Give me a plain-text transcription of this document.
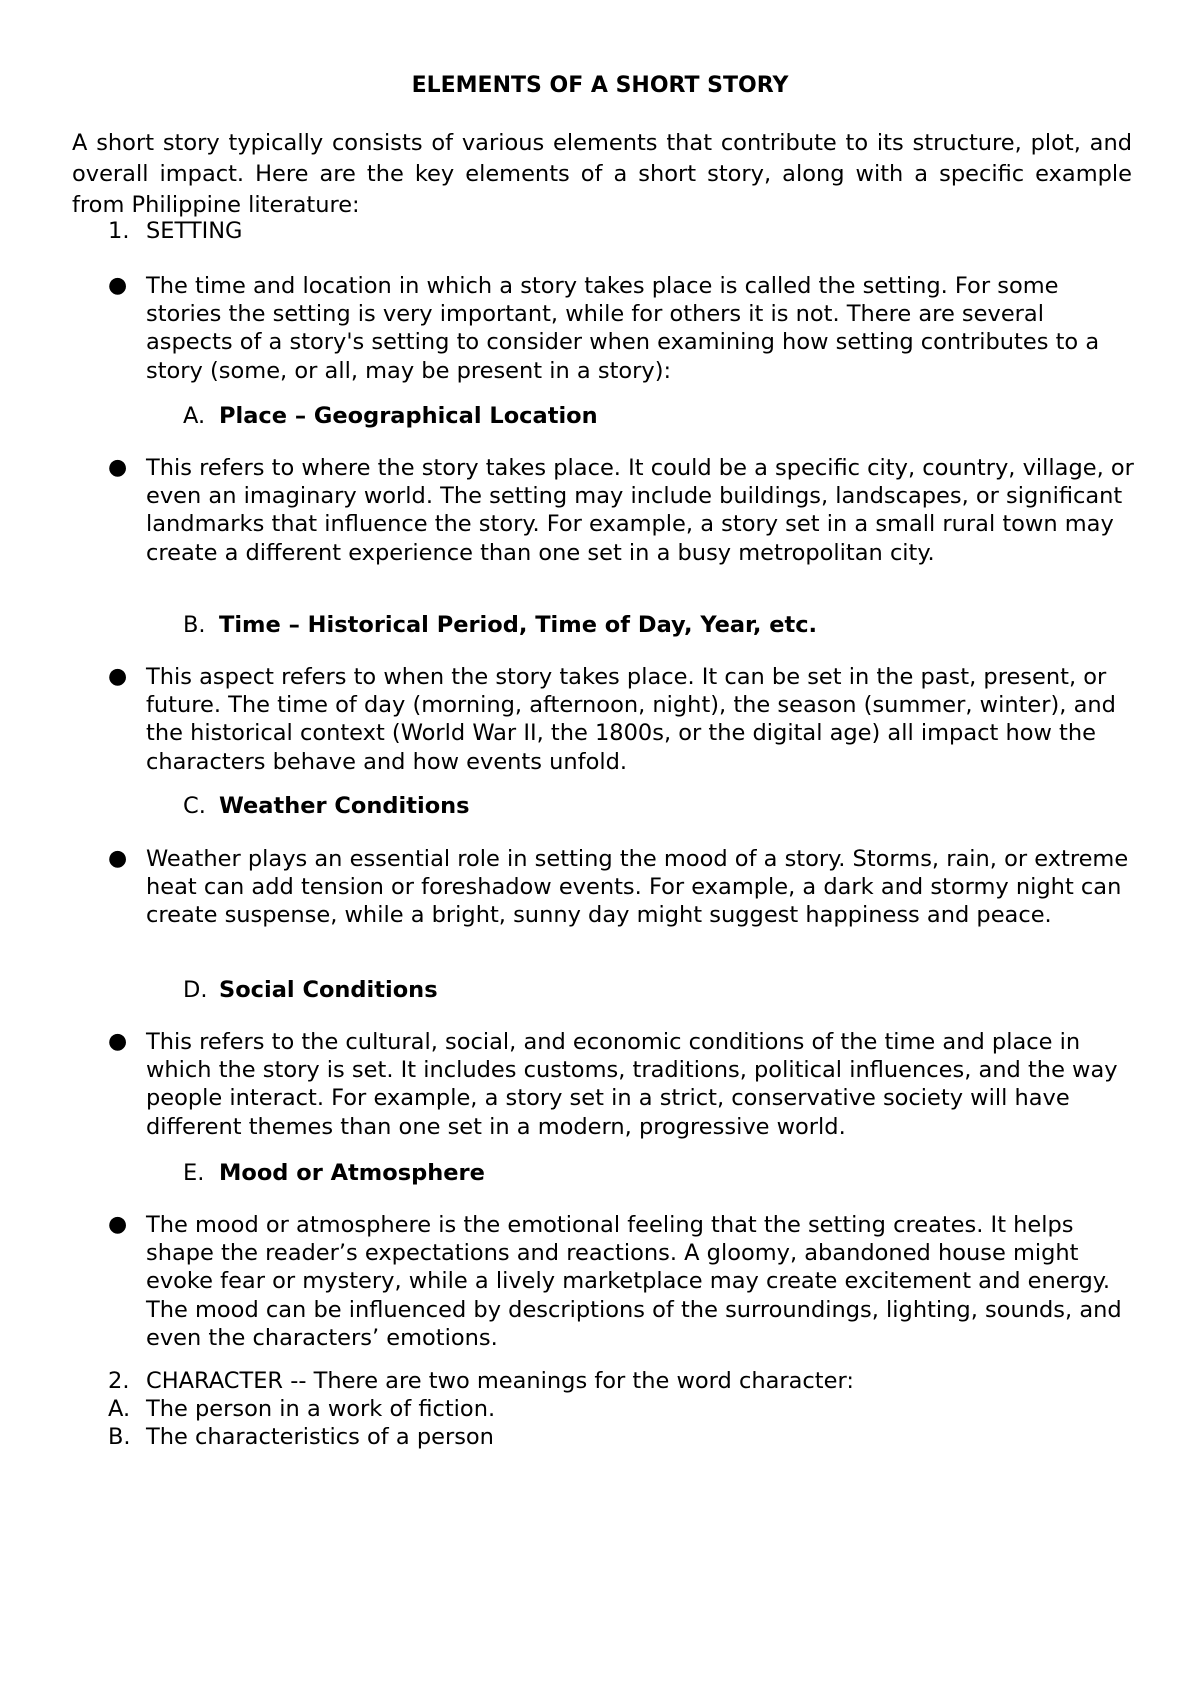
ELEMENTS OF A SHORT STORY

A short story typically consists of various elements that contribute to its structure, plot, and overall impact. Here are the key elements of a short story, along with a specific example from Philippine literature:

1. SETTING
● The time and location in which a story takes place is called the setting. For some stories the setting is very important, while for others it is not. There are several aspects of a story's setting to consider when examining how setting contributes to a story (some, or all, may be present in a story):

A. Place – Geographical Location
● This refers to where the story takes place. It could be a specific city, country, village, or even an imaginary world. The setting may include buildings, landscapes, or significant landmarks that influence the story. For example, a story set in a small rural town may create a different experience than one set in a busy metropolitan city.

B. Time – Historical Period, Time of Day, Year, etc.
● This aspect refers to when the story takes place. It can be set in the past, present, or future. The time of day (morning, afternoon, night), the season (summer, winter), and the historical context (World War II, the 1800s, or the digital age) all impact how the characters behave and how events unfold.

C. Weather Conditions
● Weather plays an essential role in setting the mood of a story. Storms, rain, or extreme heat can add tension or foreshadow events. For example, a dark and stormy night can create suspense, while a bright, sunny day might suggest happiness and peace.

D. Social Conditions
● This refers to the cultural, social, and economic conditions of the time and place in which the story is set. It includes customs, traditions, political influences, and the way people interact. For example, a story set in a strict, conservative society will have different themes than one set in a modern, progressive world.

E. Mood or Atmosphere
● The mood or atmosphere is the emotional feeling that the setting creates. It helps shape the reader’s expectations and reactions. A gloomy, abandoned house might evoke fear or mystery, while a lively marketplace may create excitement and energy. The mood can be influenced by descriptions of the surroundings, lighting, sounds, and even the characters’ emotions.

2. CHARACTER -- There are two meanings for the word character:
A. The person in a work of fiction.
B. The characteristics of a person
